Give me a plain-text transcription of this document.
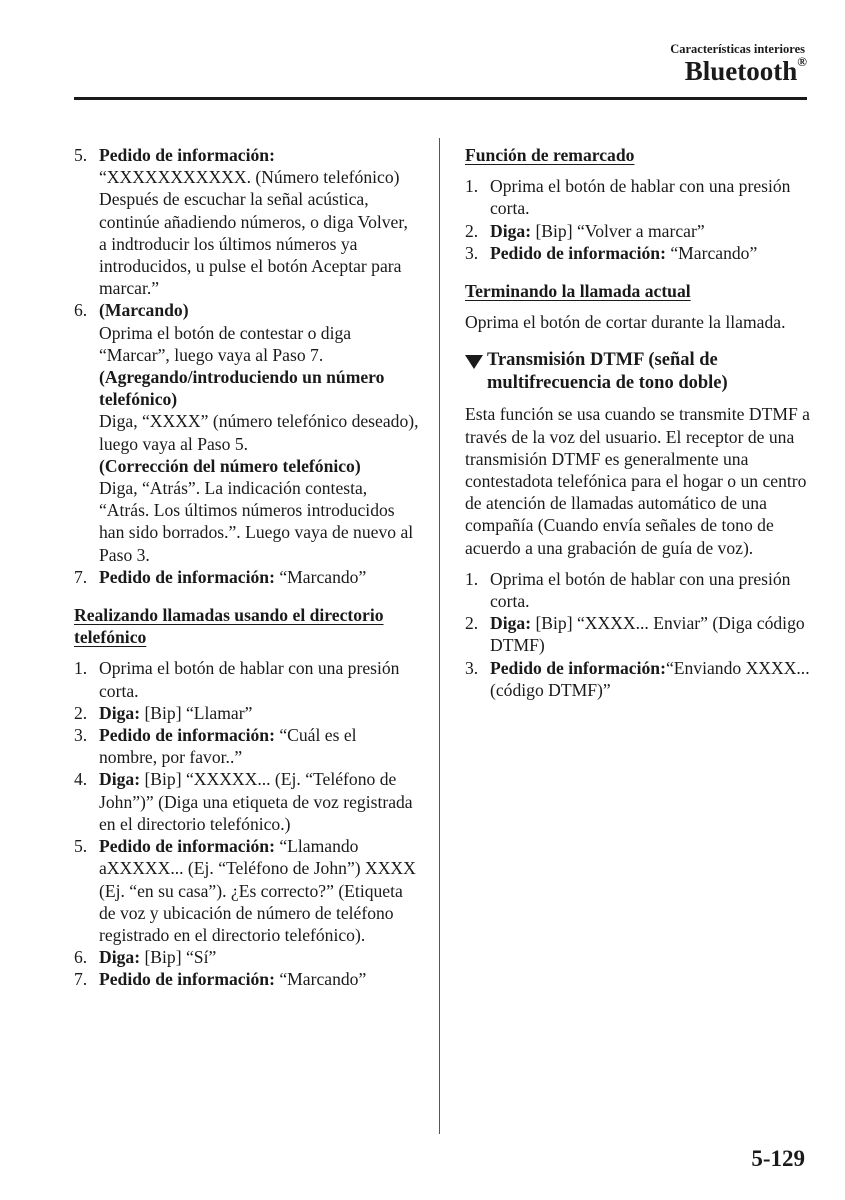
Características interiores
Bluetooth®
5. Pedido de información: “XXXXXXXXXXX. (Número telefónico) Después de escuchar la señal acústica, continúe añadiendo números, o diga Volver, a indtroducir los últimos números ya introducidos, u pulse el botón Aceptar para marcar.”
6. (Marcando)
Oprima el botón de contestar o diga “Marcar”, luego vaya al Paso 7.
(Agregando/introduciendo un número telefónico)
Diga, “XXXX” (número telefónico deseado), luego vaya al Paso 5.
(Corrección del número telefónico)
Diga, “Atrás”. La indicación contesta, “Atrás. Los últimos números introducidos han sido borrados.”. Luego vaya de nuevo al Paso 3.
7. Pedido de información: “Marcando”

Realizando llamadas usando el directorio telefónico

1. Oprima el botón de hablar con una presión corta.
2. Diga: [Bip] “Llamar”
3. Pedido de información: “Cuál es el nombre, por favor..”
4. Diga: [Bip] “XXXXX... (Ej. “Teléfono de John”)” (Diga una etiqueta de voz registrada en el directorio telefónico.)
5. Pedido de información: “Llamando aXXXXX... (Ej. “Teléfono de John”) XXXX (Ej. “en su casa”). ¿Es correcto?” (Etiqueta de voz y ubicación de número de teléfono registrado en el directorio telefónico).
6. Diga: [Bip] “Sí”
7. Pedido de información: “Marcando”

Función de remarcado

1. Oprima el botón de hablar con una presión corta.
2. Diga: [Bip] “Volver a marcar”
3. Pedido de información: “Marcando”

Terminando la llamada actual

Oprima el botón de cortar durante la llamada.

Transmisión DTMF (señal de multifrecuencia de tono doble)

Esta función se usa cuando se transmite DTMF a través de la voz del usuario. El receptor de una transmisión DTMF es generalmente una contestadota telefónica para el hogar o un centro de atención de llamadas automático de una compañía (Cuando envía señales de tono de acuerdo a una grabación de guía de voz).

1. Oprima el botón de hablar con una presión corta.
2. Diga: [Bip] “XXXX... Enviar” (Diga código DTMF)
3. Pedido de información:“Enviando XXXX... (código DTMF)”
5-129
